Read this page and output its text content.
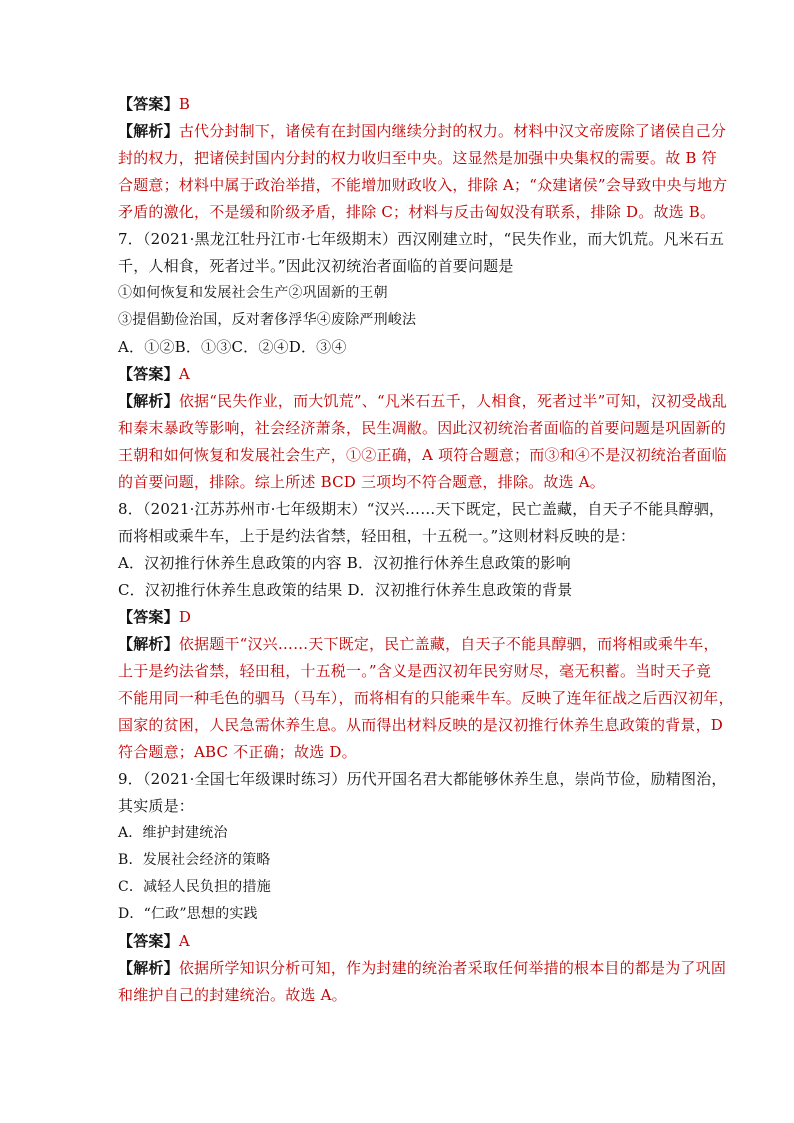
【答案】B
【解析】古代分封制下，诸侯有在封国内继续分封的权力。材料中汉文帝废除了诸侯自己分
封的权力，把诸侯封国内分封的权力收归至中央。这显然是加强中央集权的需要。故 B 符
合题意；材料中属于政治举措，不能增加财政收入，排除 A；“众建诸侯”会导致中央与地方
矛盾的激化，不是缓和阶级矛盾，排除 C；材料与反击匈奴没有联系，排除 D。故选 B。
7．（2021·黑龙江牡丹江市·七年级期末）西汉刚建立时，“民失作业，而大饥荒。凡米石五
千，人相食，死者过半。”因此汉初统治者面临的首要问题是
①如何恢复和发展社会生产②巩固新的王朝
③提倡勤俭治国，反对奢侈浮华④废除严刑峻法
A．①②B．①③C．②④D．③④
【答案】A
【解析】依据“民失作业，而大饥荒”、“凡米石五千，人相食，死者过半”可知，汉初受战乱
和秦末暴政等影响，社会经济萧条，民生凋敝。因此汉初统治者面临的首要问题是巩固新的
王朝和如何恢复和发展社会生产，①②正确，A 项符合题意；而③和④不是汉初统治者面临
的首要问题，排除。综上所述 BCD 三项均不符合题意，排除。故选 A。
8．（2021·江苏苏州市·七年级期末）“汉兴……天下既定，民亡盖藏，自天子不能具醇驷，
而将相或乘牛车，上于是约法省禁，轻田租，十五税一。”这则材料反映的是：
A．汉初推行休养生息政策的内容 B．汉初推行休养生息政策的影响
C．汉初推行休养生息政策的结果 D．汉初推行休养生息政策的背景
【答案】D
【解析】依据题干“汉兴……天下既定，民亡盖藏，自天子不能具醇驷，而将相或乘牛车，
上于是约法省禁，轻田租，十五税一。”含义是西汉初年民穷财尽，毫无积蓄。当时天子竟
不能用同一种毛色的驷马（马车），而将相有的只能乘牛车。反映了连年征战之后西汉初年，
国家的贫困，人民急需休养生息。从而得出材料反映的是汉初推行休养生息政策的背景，D
符合题意；ABC 不正确；故选 D。
9．（2021·全国七年级课时练习）历代开国名君大都能够休养生息，崇尚节俭，励精图治，
其实质是：
A．维护封建统治
B．发展社会经济的策略
C．减轻人民负担的措施
D．“仁政”思想的实践
【答案】A
【解析】依据所学知识分析可知，作为封建的统治者采取任何举措的根本目的都是为了巩固
和维护自己的封建统治。故选 A。
